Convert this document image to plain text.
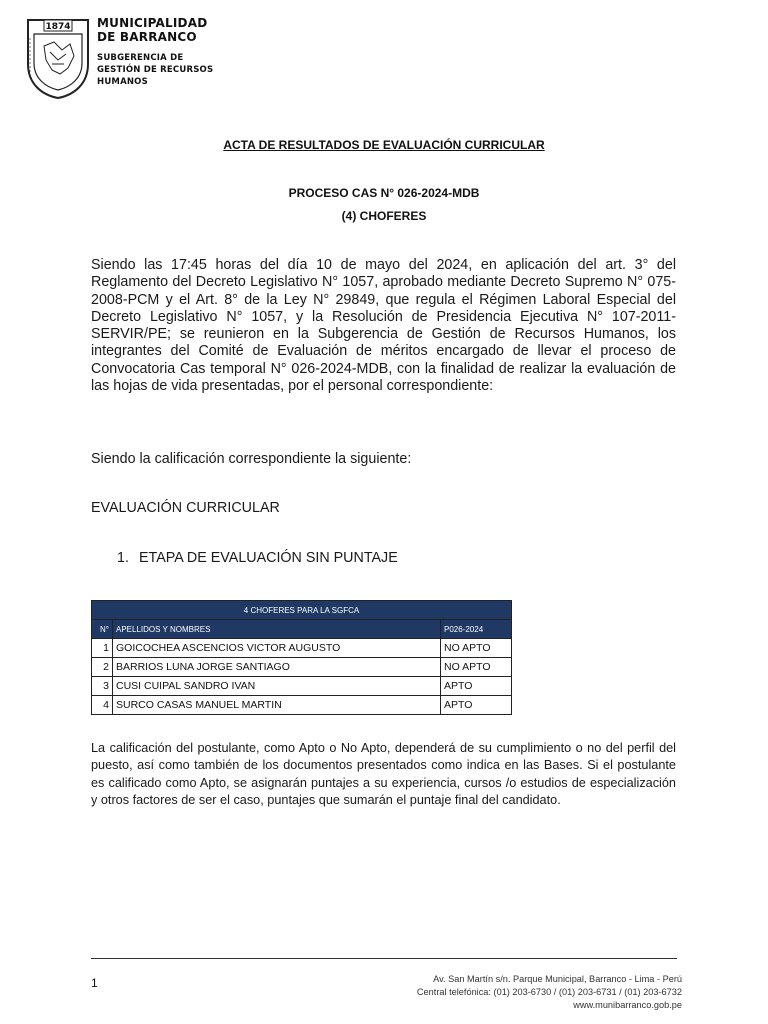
1874 MUNICIPALIDAD
DE BARRANCO
SUBGERENCIA DE
GESTIÓN DE RECURSOS
HUMANOS
ACTA DE RESULTADOS DE EVALUACIÓN CURRICULAR
PROCESO CAS N° 026-2024-MDB
(4) CHOFERES
Siendo las 17:45 horas del día 10 de mayo del 2024, en aplicación del art. 3° del Reglamento del Decreto Legislativo N° 1057, aprobado mediante Decreto Supremo N° 075-2008-PCM y el Art. 8° de la Ley N° 29849, que regula el Régimen Laboral Especial del Decreto Legislativo N° 1057, y la Resolución de Presidencia Ejecutiva N° 107-2011-SERVIR/PE; se reunieron en la Subgerencia de Gestión de Recursos Humanos, los integrantes del Comité de Evaluación de méritos encargado de llevar el proceso de Convocatoria Cas temporal N° 026-2024-MDB, con la finalidad de realizar la evaluación de las hojas de vida presentadas, por el personal correspondiente:
Siendo la calificación correspondiente la siguiente:
EVALUACIÓN CURRICULAR
1. ETAPA DE EVALUACIÓN SIN PUNTAJE
4 CHOFERES PARA LA SGFCA		
N°	APELLIDOS Y NOMBRES	P026-2024
1	GOICOCHEA ASCENCIOS VICTOR AUGUSTO	NO APTO
2	BARRIOS LUNA JORGE SANTIAGO	NO APTO
3	CUSI CUIPAL SANDRO IVAN	APTO
4	SURCO CASAS MANUEL MARTIN	APTO
La calificación del postulante, como Apto o No Apto, dependerá de su cumplimiento o no del perfil del puesto, así como también de los documentos presentados como indica en las Bases. Si el postulante es calificado como Apto, se asignarán puntajes a su experiencia, cursos /o estudios de especialización y otros factores de ser el caso, puntajes que sumarán el puntaje final del candidato.
1	Av. San Martín s/n. Parque Municipal, Barranco - Lima - Perú
Central telefónica: (01) 203-6730 / (01) 203-6731 / (01) 203-6732
www.munibarranco.gob.pe
